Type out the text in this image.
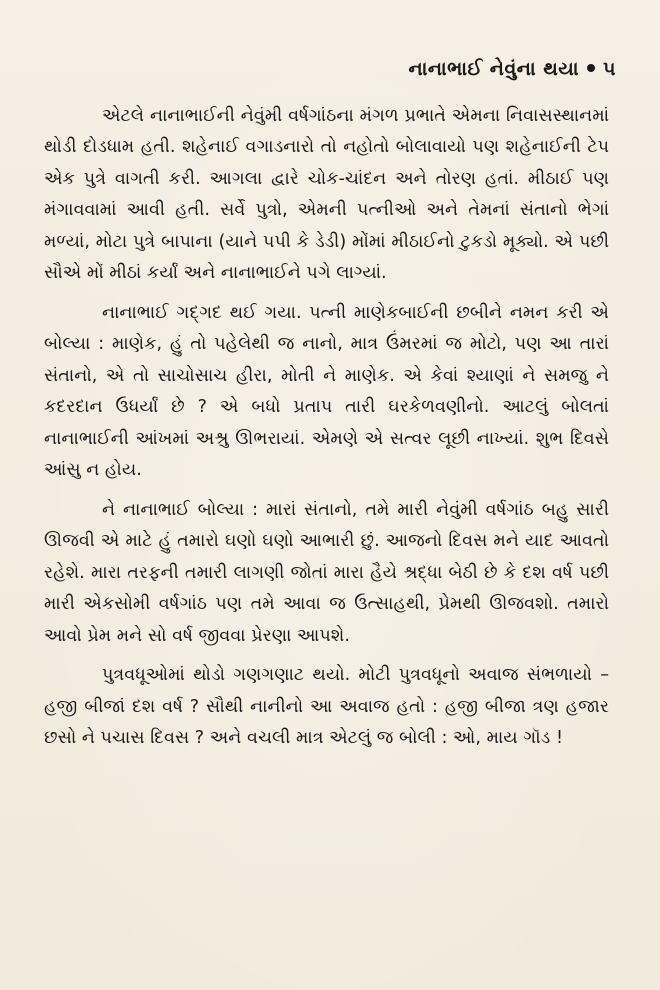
નાનાભાઈ નેવુંના થયા ૫

એટલે નાનાભાઈની નેવુંમી વર્ષગાંઠના મંગળ પ્રભાતે એમના નિવાસસ્થાનમાં થોડી દોડધામ હતી. શહેનાઈ વગાડનારો તો નહોતો બોલાવાયો પણ શહેનાઈની ટેપ એક પુત્રે વાગતી કરી. આગલા દ્વારે ચોક-ચાંદન અને તોરણ હતાં. મીઠાઈ પણ મંગાવવામાં આવી હતી. સર્વે પુત્રો, એમની પત્નીઓ અને તેમનાં સંતાનો ભેગાં મળ્યાં, મોટા પુત્રે બાપાના (યાને પપી કે ડેડી) મોંમાં મીઠાઈનો ટુકડો મૂક્યો. એ પછી સૌએ મોં મીઠાં કર્યાં અને નાનાભાઈને પગે લાગ્યાં.

નાનાભાઈ ગદ્‌ગદ થઈ ગયા. પત્ની માણેકબાઈની છબીને નમન કરી એ બોલ્યા : માણેક, હું તો પહેલેથી જ નાનો, માત્ર ઉંમરમાં જ મોટો, પણ આ તારાં સંતાનો, એ તો સાચોસાચ હીરા, મોતી ને માણેક. એ કેવાં શ્યાણાં ને સમજુ ને કદરદાન ઉધર્યાં છે ? એ બધો પ્રતાપ તારી ઘરકેળવણીનો. આટલું બોલતાં નાનાભાઈની આંખમાં અશ્રુ ઊભરાયાં. એમણે એ સત્વર લૂછી નાખ્યાં. શુભ દિવસે આંસુ ન હોય.

ને નાનાભાઈ બોલ્યા : મારાં સંતાનો, તમે મારી નેવુંમી વર્ષગાંઠ બહુ સારી ઊજવી એ માટે હું તમારો ઘણો ઘણો આભારી છું. આજનો દિવસ મને યાદ આવતો રહેશે. મારા તરફની તમારી લાગણી જોતાં મારા હૈયે શ્રદ્ધા બેઠી છે કે દશ વર્ષ પછી મારી એકસોમી વર્ષગાંઠ પણ તમે આવા જ ઉત્સાહથી, પ્રેમથી ઊજવશો. તમારો આવો પ્રેમ મને સો વર્ષ જીવવા પ્રેરણા આપશે.

પુત્રવધૂઓમાં થોડો ગણગણાટ થયો. મોટી પુત્રવધૂનો અવાજ સંભળાયો – હજી બીજાં દશ વર્ષ ? સૌથી નાનીનો આ અવાજ હતો : હજી બીજા ત્રણ હજાર છસો ને પચાસ દિવસ ? અને વચલી માત્ર એટલું જ બોલી : ઓ, માય ગૉડ !
